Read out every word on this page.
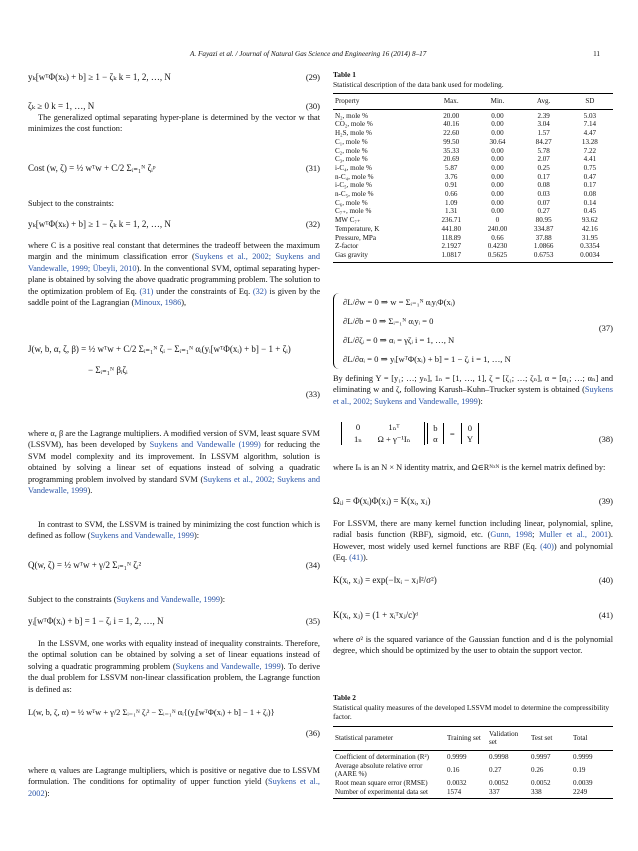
A. Fayazi et al. / Journal of Natural Gas Science and Engineering 16 (2014) 8–17	11
yₖ[wᵀΦ(xₖ) + b] ≥ 1 − ζₖ k = 1, 2, …, N	(29)
ζₖ ≥ 0 k = 1, …, N	(30)

The generalized optimal separating hyper-plane is determined by the vector w that minimizes the cost function:

Cost (w, ζ) = ½ wᵀw + C/2 Σᵢ₌₁ᴺ ζᵢᵖ	(31)

Subject to the constraints:

yₖ[wᵀΦ(xₖ) + b] ≥ 1 − ζₖ k = 1, 2, …, N	(32)

where C is a positive real constant that determines the tradeoff between the maximum margin and the minimum classification error (Suykens et al., 2002; Suykens and Vandewalle, 1999; Übeyli, 2010). In the conventional SVM, optimal separating hyper-plane is obtained by solving the above quadratic programming problem. The solution to the optimization problem of Eq. (31) under the constraints of Eq. (32) is given by the saddle point of the Lagrangian (Minoux, 1986),

J(w, b, α, ζ, β) = ½ wᵀw + C/2 Σᵢ₌₁ᴺ ζᵢ − Σᵢ₌₁ᴺ αᵢ(yᵢ[wᵀΦ(xᵢ) + b] − 1 + ζᵢ)
− Σᵢ₌₁ᴺ βᵢζᵢ
(33)

where α, β are the Lagrange multipliers. A modified version of SVM, least square SVM (LSSVM), has been developed by Suykens and Vandewalle (1999) for reducing the SVM model complexity and its improvement. In LSSVM algorithm, solution is obtained by solving a linear set of equations instead of solving a quadratic programming problem involved by standard SVM (Suykens et al., 2002; Suykens and Vandewalle, 1999).

In contrast to SVM, the LSSVM is trained by minimizing the cost function which is defined as follow (Suykens and Vandewalle, 1999):

Q(w, ζ) = ½ wᵀw + γ/2 Σᵢ₌₁ᴺ ζᵢ²	(34)

Subject to the constraints (Suykens and Vandewalle, 1999):

yᵢ[wᵀΦ(xᵢ) + b] = 1 − ζᵢ i = 1, 2, …, N	(35)

In the LSSVM, one works with equality instead of inequality constraints. Therefore, the optimal solution can be obtained by solving a set of linear equations instead of solving a quadratic programming problem (Suykens and Vandewalle, 1999). To derive the dual problem for LSSVM non-linear classification problem, the Lagrange function is defined as:

L(w, b, ζ, α) = ½ wᵀw + γ/2 Σᵢ₌₁ᴺ ζᵢ² − Σᵢ₌₁ᴺ αᵢ{(yᵢ[wᵀΦ(xᵢ) + b] − 1 + ζᵢ)}
(36)

where αᵢ values are Lagrange multipliers, which is positive or negative due to LSSVM formulation. The conditions for optimality of upper function yield (Suykens et al., 2002):

Table 1
Statistical description of the data bank used for modeling.
Property	Max.	Min.	Avg.	SD
N₂, mole %	20.00	0.00	2.39	5.03
CO₂, mole %	40.16	0.00	3.04	7.14
H₂S, mole %	22.60	0.00	1.57	4.47
C₁, mole %	99.50	30.64	84.27	13.28
C₂, mole %	35.33	0.00	5.78	7.22
C₃, mole %	20.69	0.00	2.07	4.41
i-C₄, mole %	5.87	0.00	0.25	0.75
n-C₄, mole %	3.76	0.00	0.17	0.47
i-C₅, mole %	0.91	0.00	0.08	0.17
n-C₅, mole %	0.66	0.00	0.03	0.08
C₆, mole %	1.09	0.00	0.07	0.14
C₇₊, mole %	1.31	0.00	0.27	0.45
MW C₇₊	236.71	0	80.95	93.62
Temperature, K	441.80	240.00	334.87	42.16
Pressure, MPa	118.89	0.66	37.88	31.95
Z-factor	2.1927	0.4230	1.0866	0.3354
Gas gravity	1.0817	0.5625	0.6753	0.0034
∂L/∂w = 0 ⇒ w = Σᵢ₌₁ᴺ αᵢyᵢΦ(xᵢ)
∂L/∂b = 0 ⇒ Σᵢ₌₁ᴺ αᵢyᵢ = 0
∂L/∂ζᵢ = 0 ⇒ αᵢ = γζᵢ i = 1, …, N
∂L/∂αᵢ = 0 ⇒ yᵢ[wᵀΦ(xᵢ) + b] = 1 − ζᵢ i = 1, …, N
(37)

By defining Y = [y₁; …; yₙ], 1ₙ = [1, …, 1], ζ = [ζ₁; …; ζₙ], α = [α₁; …; αₙ] and eliminating w and ζ, following Karush–Kuhn–Trucker system is obtained (Suykens et al., 2002; Suykens and Vandewalle, 1999):

0	1ₙᵀ
1ₙ	Ω + γ⁻¹Iₙ

b
α
=
0
Y	(38)

where Iₙ is an N × N identity matrix, and Ω∈Rᴺˣᴺ is the kernel matrix defined by:

Ωᵢⱼ = Φ(xᵢ)Φ(xⱼ) = K(xᵢ, xⱼ)	(39)

For LSSVM, there are many kernel function including linear, polynomial, spline, radial basis function (RBF), sigmoid, etc. (Gunn, 1998; Muller et al., 2001). However, most widely used kernel functions are RBF (Eq. (40)) and polynomial (Eq. (41)).

K(xᵢ, xⱼ) = exp(−‖xᵢ − xⱼ‖²/σ²)	(40)
K(xᵢ, xⱼ) = (1 + xᵢᵀxⱼ/c)ᵈ	(41)

where σ² is the squared variance of the Gaussian function and d is the polynomial degree, which should be optimized by the user to obtain the support vector.

Table 2
Statistical quality measures of the developed LSSVM model to determine the compressibility factor.
Statistical parameter	Training set	Validation set	Test set	Total
Coefficient of determination (R²)	0.9999	0.9998	0.9997	0.9999
Average absolute relative error (AARE %)	0.16	0.27	0.26	0.19
Root mean square error (RMSE)	0.0032	0.0052	0.0052	0.0039
Number of experimental data set	1574	337	338	2249
